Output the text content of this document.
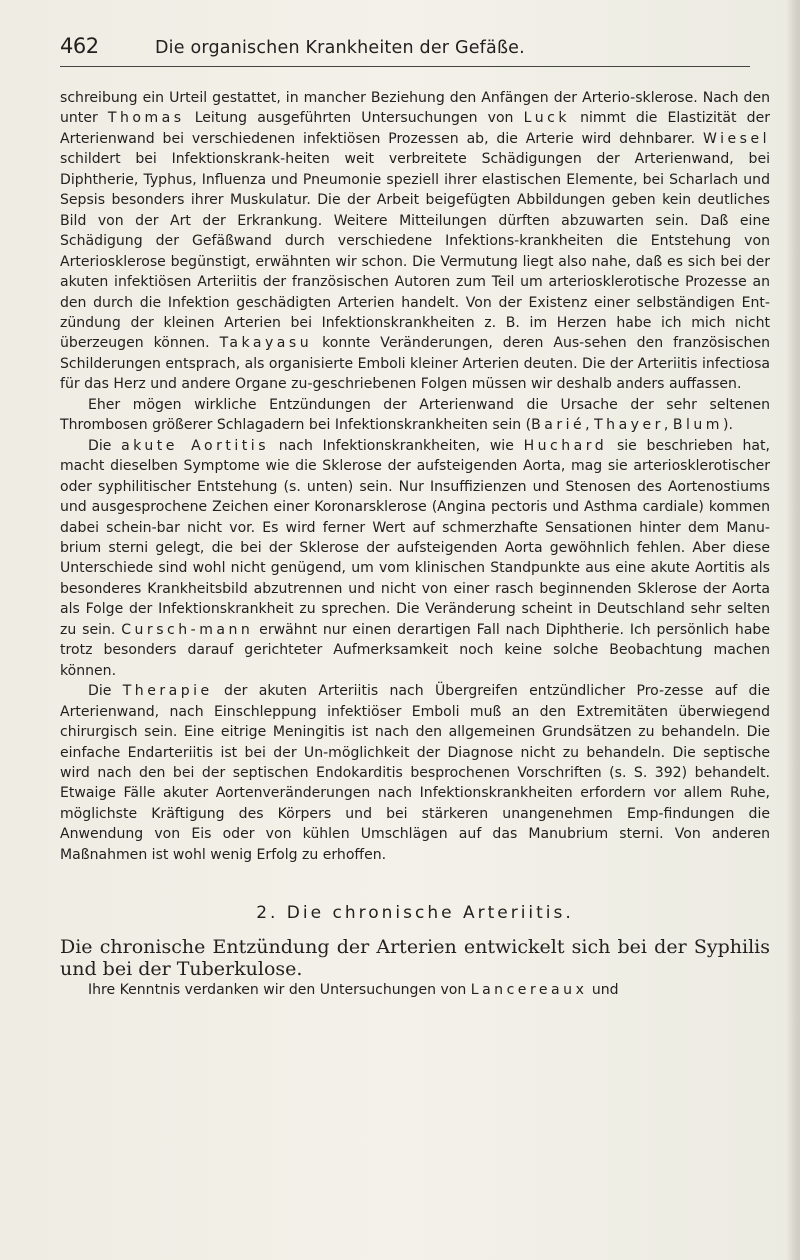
462	Die organischen Krankheiten der Gefäße.

schreibung ein Urteil gestattet, in mancher Beziehung den Anfängen der Arterio-sklerose. Nach den unter Thomas Leitung ausgeführten Untersuchungen von Luck nimmt die Elastizität der Arterienwand bei verschiedenen infektiösen Prozessen ab, die Arterie wird dehnbarer. Wiesel schildert bei Infektionskrank-heiten weit verbreitete Schädigungen der Arterienwand, bei Diphtherie, Typhus, Influenza und Pneumonie speziell ihrer elastischen Elemente, bei Scharlach und Sepsis besonders ihrer Muskulatur. Die der Arbeit beigefügten Abbildungen geben kein deutliches Bild von der Art der Erkrankung. Weitere Mitteilungen dürften abzuwarten sein. Daß eine Schädigung der Gefäßwand durch verschiedene Infektions-krankheiten die Entstehung von Arteriosklerose begünstigt, erwähnten wir schon. Die Vermutung liegt also nahe, daß es sich bei der akuten infektiösen Arteriitis der französischen Autoren zum Teil um arteriosklerotische Prozesse an den durch die Infektion geschädigten Arterien handelt. Von der Existenz einer selbständigen Ent-zündung der kleinen Arterien bei Infektionskrankheiten z. B. im Herzen habe ich mich nicht überzeugen können. Takayasu konnte Veränderungen, deren Aus-sehen den französischen Schilderungen entsprach, als organisierte Emboli kleiner Arterien deuten. Die der Arteriitis infectiosa für das Herz und andere Organe zu-geschriebenen Folgen müssen wir deshalb anders auffassen.

Eher mögen wirkliche Entzündungen der Arterienwand die Ursache der sehr seltenen Thrombosen größerer Schlagadern bei Infektionskrankheiten sein (Barié, Thayer, Blum).

Die akute Aortitis nach Infektionskrankheiten, wie Huchard sie beschrieben hat, macht dieselben Symptome wie die Sklerose der aufsteigenden Aorta, mag sie arteriosklerotischer oder syphilitischer Entstehung (s. unten) sein. Nur Insuffizienzen und Stenosen des Aortenostiums und ausgesprochene Zeichen einer Koronarsklerose (Angina pectoris und Asthma cardiale) kommen dabei schein-bar nicht vor. Es wird ferner Wert auf schmerzhafte Sensationen hinter dem Manu-brium sterni gelegt, die bei der Sklerose der aufsteigenden Aorta gewöhnlich fehlen. Aber diese Unterschiede sind wohl nicht genügend, um vom klinischen Standpunkte aus eine akute Aortitis als besonderes Krankheitsbild abzutrennen und nicht von einer rasch beginnenden Sklerose der Aorta als Folge der Infektionskrankheit zu sprechen. Die Veränderung scheint in Deutschland sehr selten zu sein. Cursch-mann erwähnt nur einen derartigen Fall nach Diphtherie. Ich persönlich habe trotz besonders darauf gerichteter Aufmerksamkeit noch keine solche Beobachtung machen können.

Die Therapie der akuten Arteriitis nach Übergreifen entzündlicher Pro-zesse auf die Arterienwand, nach Einschleppung infektiöser Emboli muß an den Extremitäten überwiegend chirurgisch sein. Eine eitrige Meningitis ist nach den allgemeinen Grundsätzen zu behandeln. Die einfache Endarteriitis ist bei der Un-möglichkeit der Diagnose nicht zu behandeln. Die septische wird nach den bei der septischen Endokarditis besprochenen Vorschriften (s. S. 392) behandelt. Etwaige Fälle akuter Aortenveränderungen nach Infektionskrankheiten erfordern vor allem Ruhe, möglichste Kräftigung des Körpers und bei stärkeren unangenehmen Emp-findungen die Anwendung von Eis oder von kühlen Umschlägen auf das Manubrium sterni. Von anderen Maßnahmen ist wohl wenig Erfolg zu erhoffen.

2. Die chronische Arteriitis.

Die chronische Entzündung der Arterien entwickelt sich bei der Syphilis und bei der Tuberkulose.

Ihre Kenntnis verdanken wir den Untersuchungen von Lancereaux und
